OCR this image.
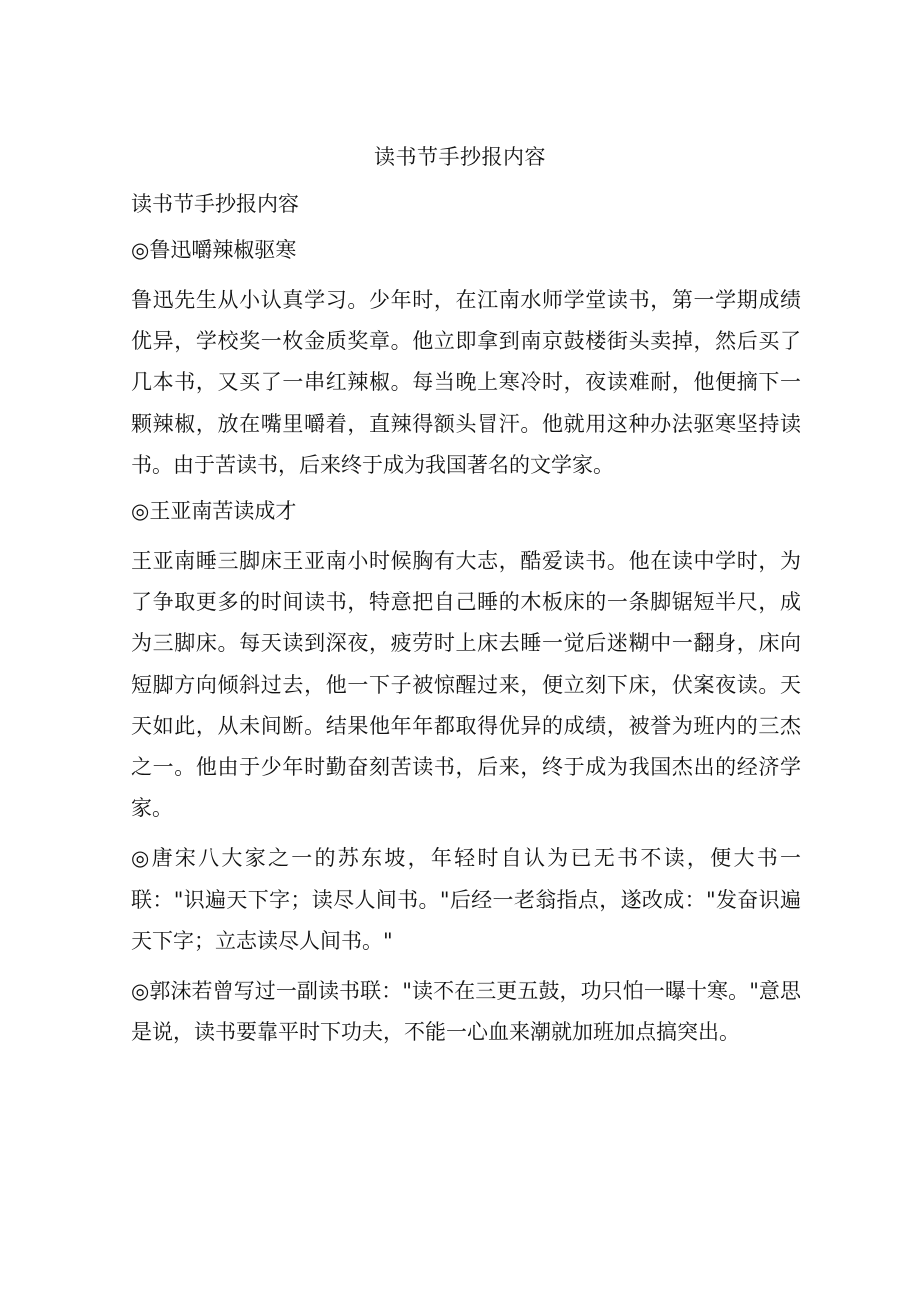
读书节手抄报内容

读书节手抄报内容

◎鲁迅嚼辣椒驱寒

鲁迅先生从小认真学习。少年时，在江南水师学堂读书，第一学期成绩优异，学校奖一枚金质奖章。他立即拿到南京鼓楼街头卖掉，然后买了几本书，又买了一串红辣椒。每当晚上寒冷时，夜读难耐，他便摘下一颗辣椒，放在嘴里嚼着，直辣得额头冒汗。他就用这种办法驱寒坚持读书。由于苦读书，后来终于成为我国著名的文学家。

◎王亚南苦读成才

王亚南睡三脚床王亚南小时候胸有大志，酷爱读书。他在读中学时，为了争取更多的时间读书，特意把自己睡的木板床的一条脚锯短半尺，成为三脚床。每天读到深夜，疲劳时上床去睡一觉后迷糊中一翻身，床向短脚方向倾斜过去，他一下子被惊醒过来，便立刻下床，伏案夜读。天天如此，从未间断。结果他年年都取得优异的成绩，被誉为班内的三杰之一。他由于少年时勤奋刻苦读书，后来，终于成为我国杰出的经济学家。

◎唐宋八大家之一的苏东坡，年轻时自认为已无书不读，便大书一联："识遍天下字；读尽人间书。"后经一老翁指点，遂改成："发奋识遍天下字；立志读尽人间书。"

◎郭沫若曾写过一副读书联："读不在三更五鼓，功只怕一曝十寒。"意思是说，读书要靠平时下功夫，不能一心血来潮就加班加点搞突出。
